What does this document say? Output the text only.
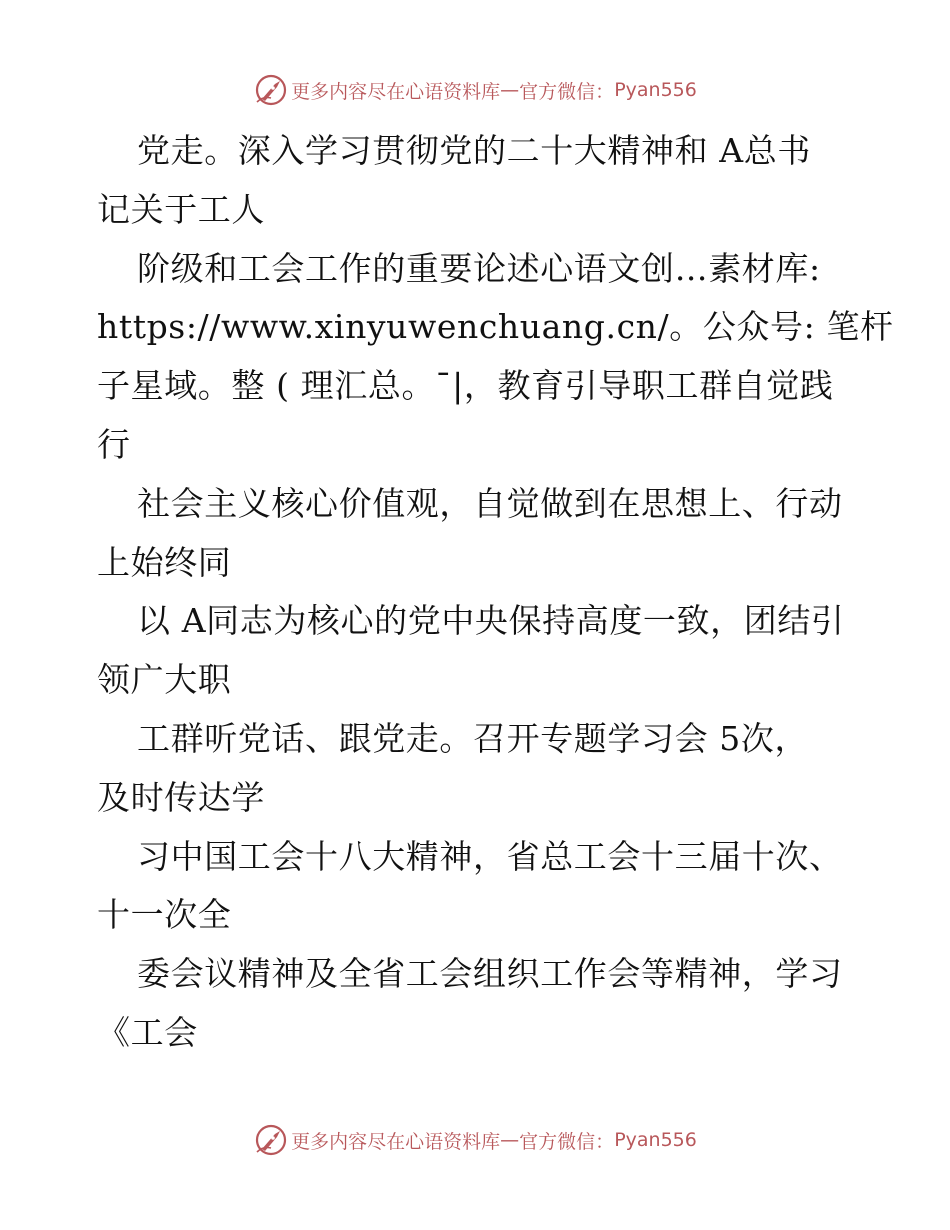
更多内容尽在心语资料库 — 官方微信： Pyan556
党走。深入学习贯彻党的二十大精神和 A总书
记关于工人
阶级和工会工作的重要论述心语文创…素材库:
https://www.xinyuwenchuang.cn/。公众号: 笔杆
子星域。整 ( 理汇总。¯|，教育引导职工群自觉践
行
社会主义核心价值观，自觉做到在思想上、行动
上始终同
以 A同志为核心的党中央保持高度一致，团结引
领广大职
工群听党话、跟党走。召开专题学习会 5次，
及时传达学
习中国工会十八大精神，省总工会十三届十次、
十一次全
委会议精神及全省工会组织工作会等精神，学习
《工会
更多内容尽在心语资料库 — 官方微信： Pyan556
